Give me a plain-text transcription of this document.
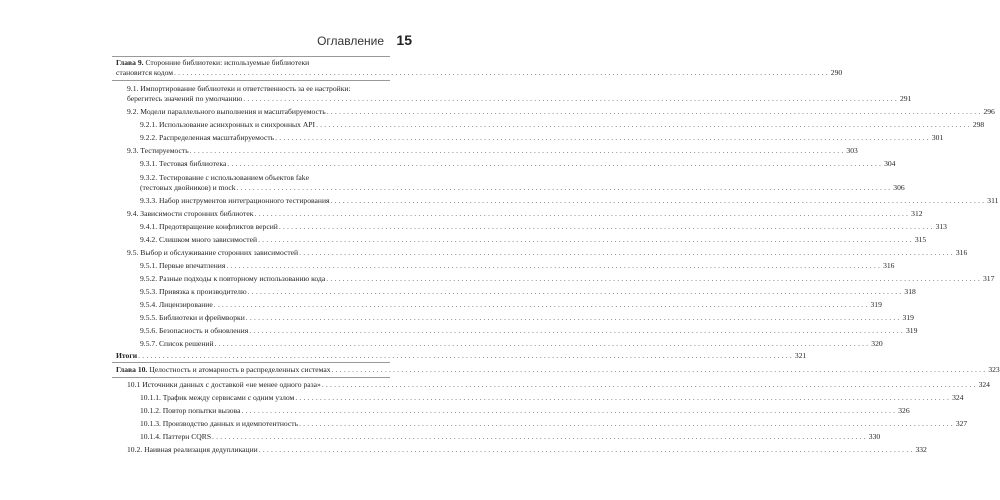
Оглавление 15
Глава 9. Сторонние библиотеки: используемые библиотеки
становится кодом .....	290
9.1. Импортирование библиотеки и ответственность за ее настройки:
берегитесь значений по умолчанию .....	291
9.2. Модели параллельного выполнения и масштабируемость .....	296
9.2.1. Использование асинхронных и синхронных API .....	298
9.2.2. Распределенная масштабируемость .....	301
9.3. Тестируемость .....	303
9.3.1. Тестовая библиотека .....	304
9.3.2. Тестирование с использованием объектов fake
(тестовых двойников) и mock .....	306
9.3.3. Набор инструментов интеграционного тестирования .....	311
9.4. Зависимости сторонних библиотек .....	312
9.4.1. Предотвращение конфликтов версий .....	313
9.4.2. Слишком много зависимостей .....	315
9.5. Выбор и обслуживание сторонних зависимостей .....	316
9.5.1. Первые впечатления .....	316
9.5.2. Разные подходы к повторному использованию кода .....	317
9.5.3. Привязка к производителю .....	318
9.5.4. Лицензирование .....	319
9.5.5. Библиотеки и фреймворки .....	319
9.5.6. Безопасность и обновления .....	319
9.5.7. Список решений .....	320
Итоги .....	321
Глава 10. Целостность и атомарность в распределенных системах .....	323
10.1 Источники данных с доставкой «не менее одного раза» .....	324
10.1.1. Трафик между сервисами с одним узлом .....	324
10.1.2. Повтор попытки вызова .....	326
10.1.3. Производство данных и идемпотентность .....	327
10.1.4. Паттерн CQRS .....	330
10.2. Наивная реализация дедупликации .....	332
